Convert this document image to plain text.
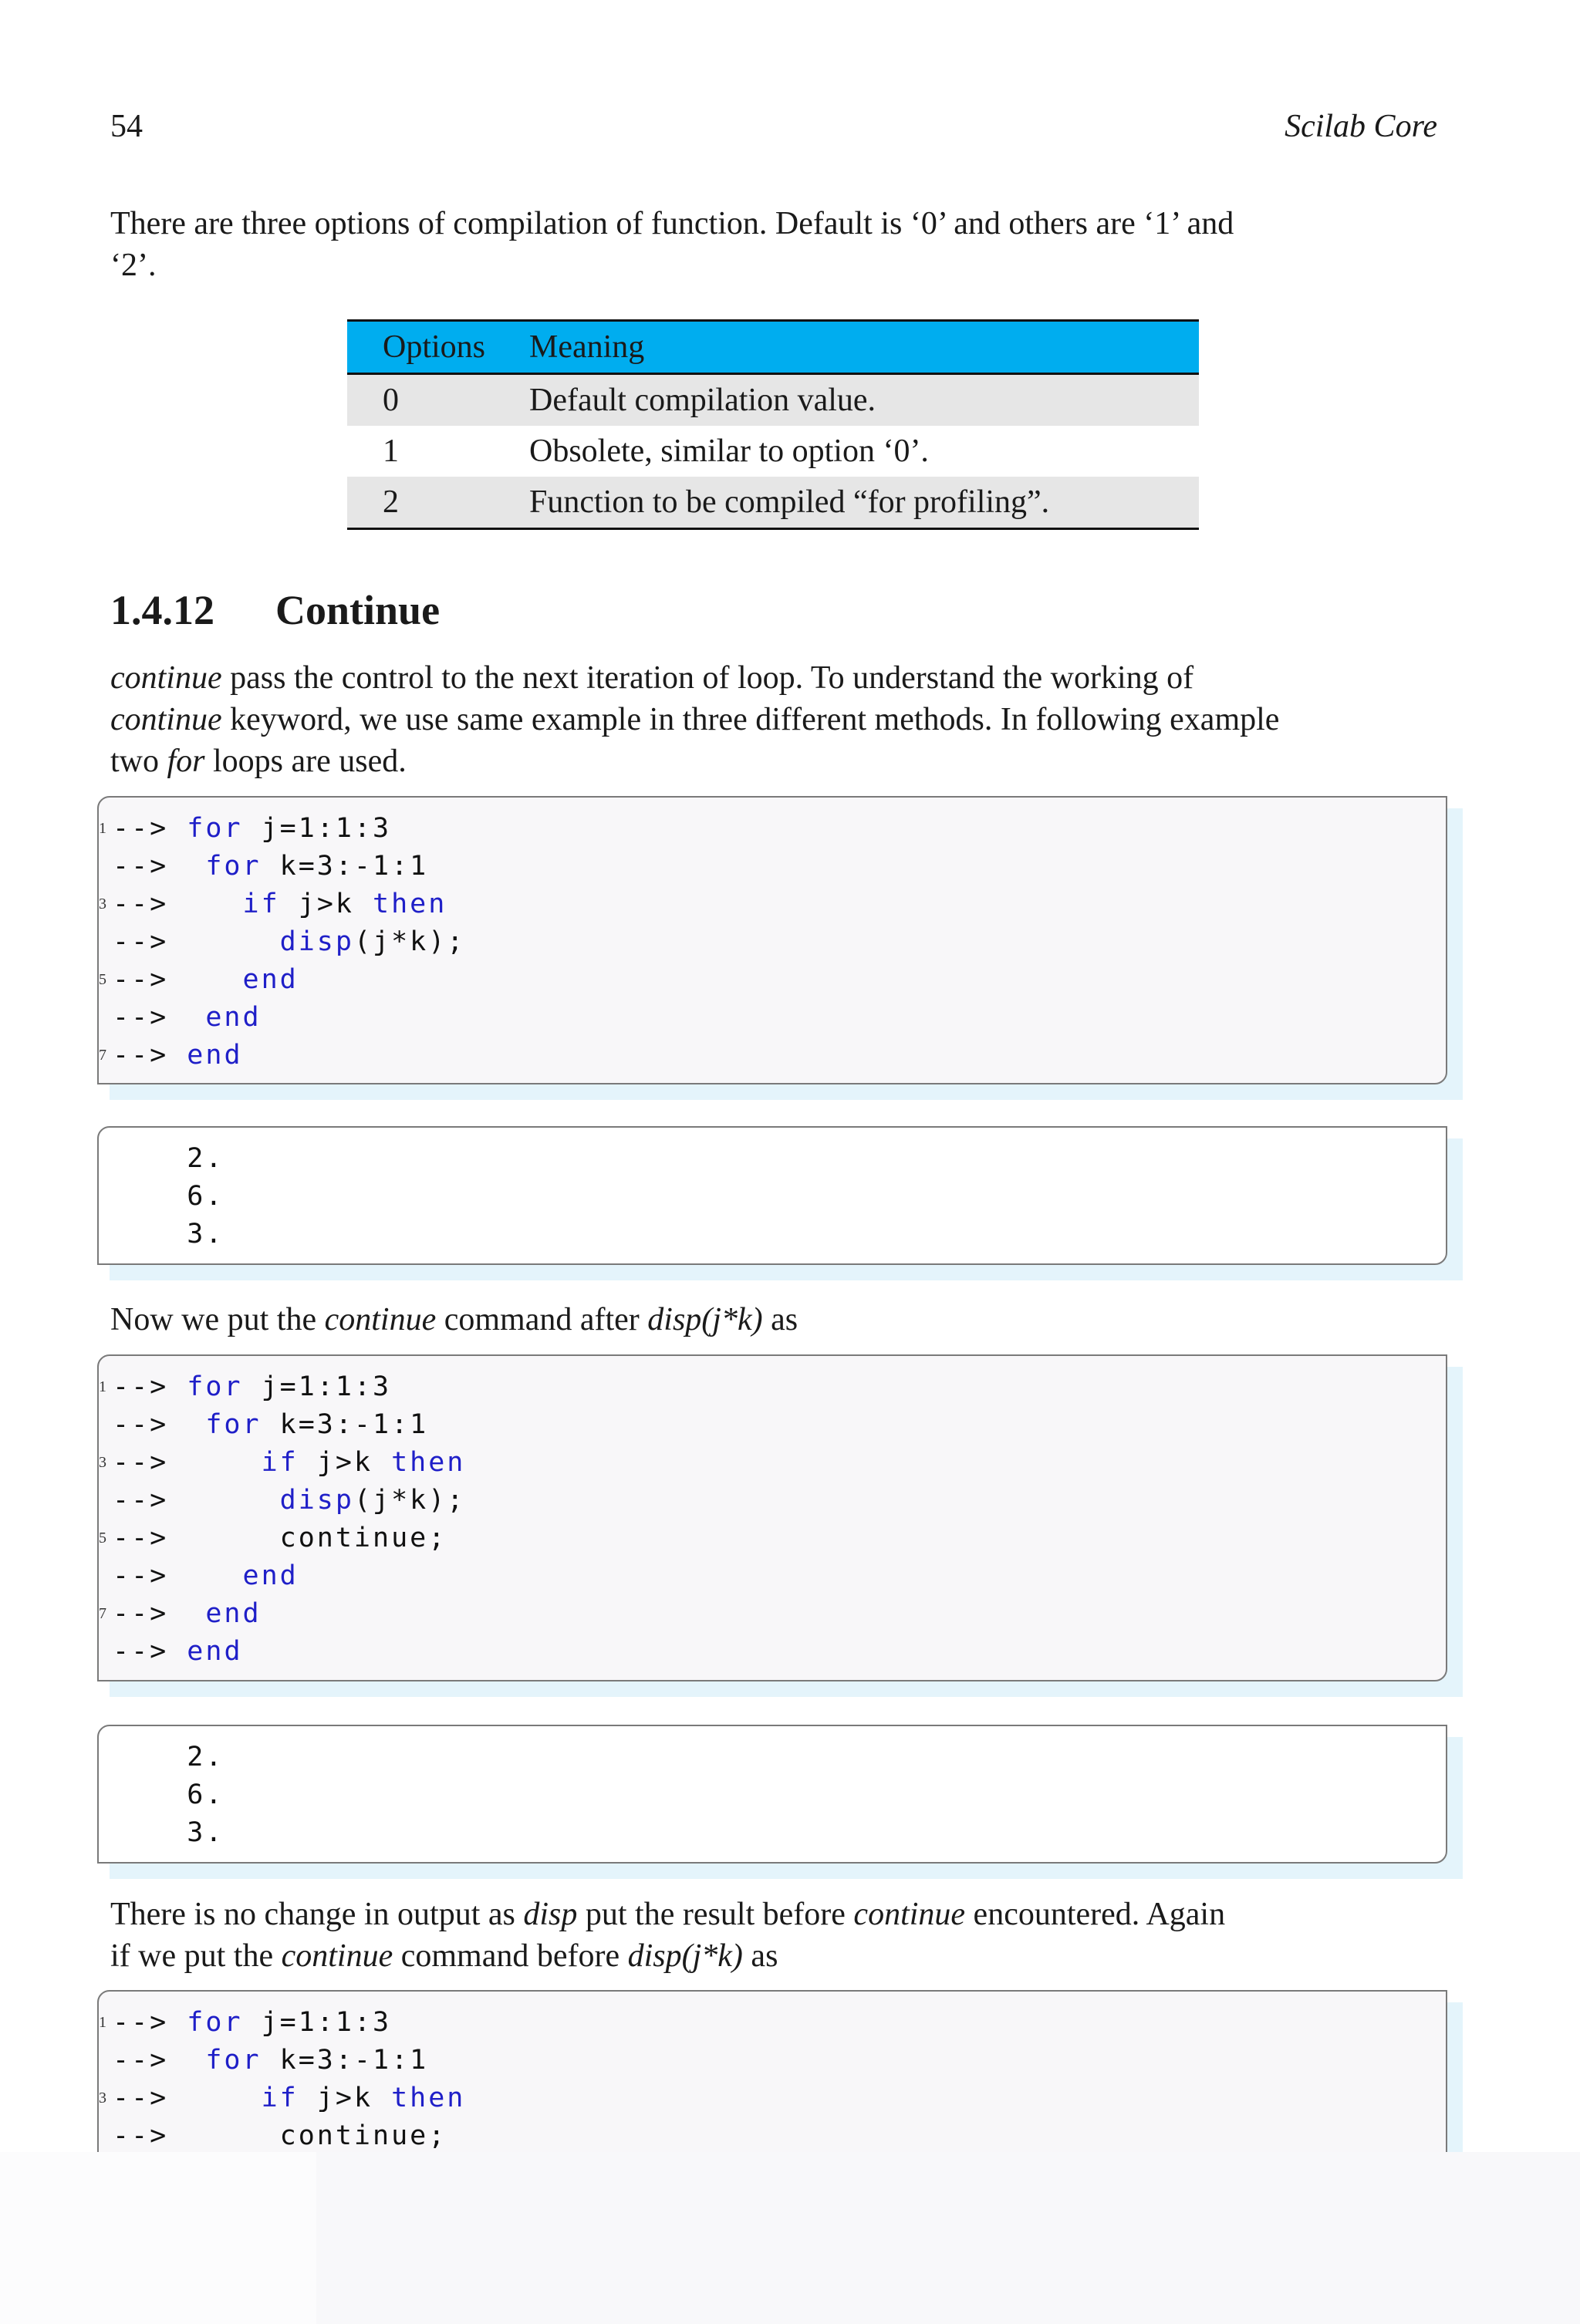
54	Scilab Core
There are three options of compilation of function. Default is ‘0’ and others are ‘1’ and
‘2’.
Options	Meaning
0	Default compilation value.
1	Obsolete, similar to option ‘0’.
2	Function to be compiled “for profiling”.
1.4.12 Continue
continue pass the control to the next iteration of loop. To understand the working of
continue keyword, we use same example in three different methods. In following example
two for loops are used.
1 --> for j=1:1:3
-->  for k=3:-1:1
3 -->    if j>k then
-->      disp(j*k);
5 -->    end
-->  end
7 --> end
2.
6.
3.
Now we put the continue command after disp(j*k) as
1 --> for j=1:1:3
-->  for k=3:-1:1
3 -->     if j>k then
-->      disp(j*k);
5 -->      continue;
-->    end
7 -->  end
--> end
2.
6.
3.
There is no change in output as disp put the result before continue encountered. Again
if we put the continue command before disp(j*k) as
1 --> for j=1:1:3
-->  for k=3:-1:1
3 -->     if j>k then
-->      continue;
